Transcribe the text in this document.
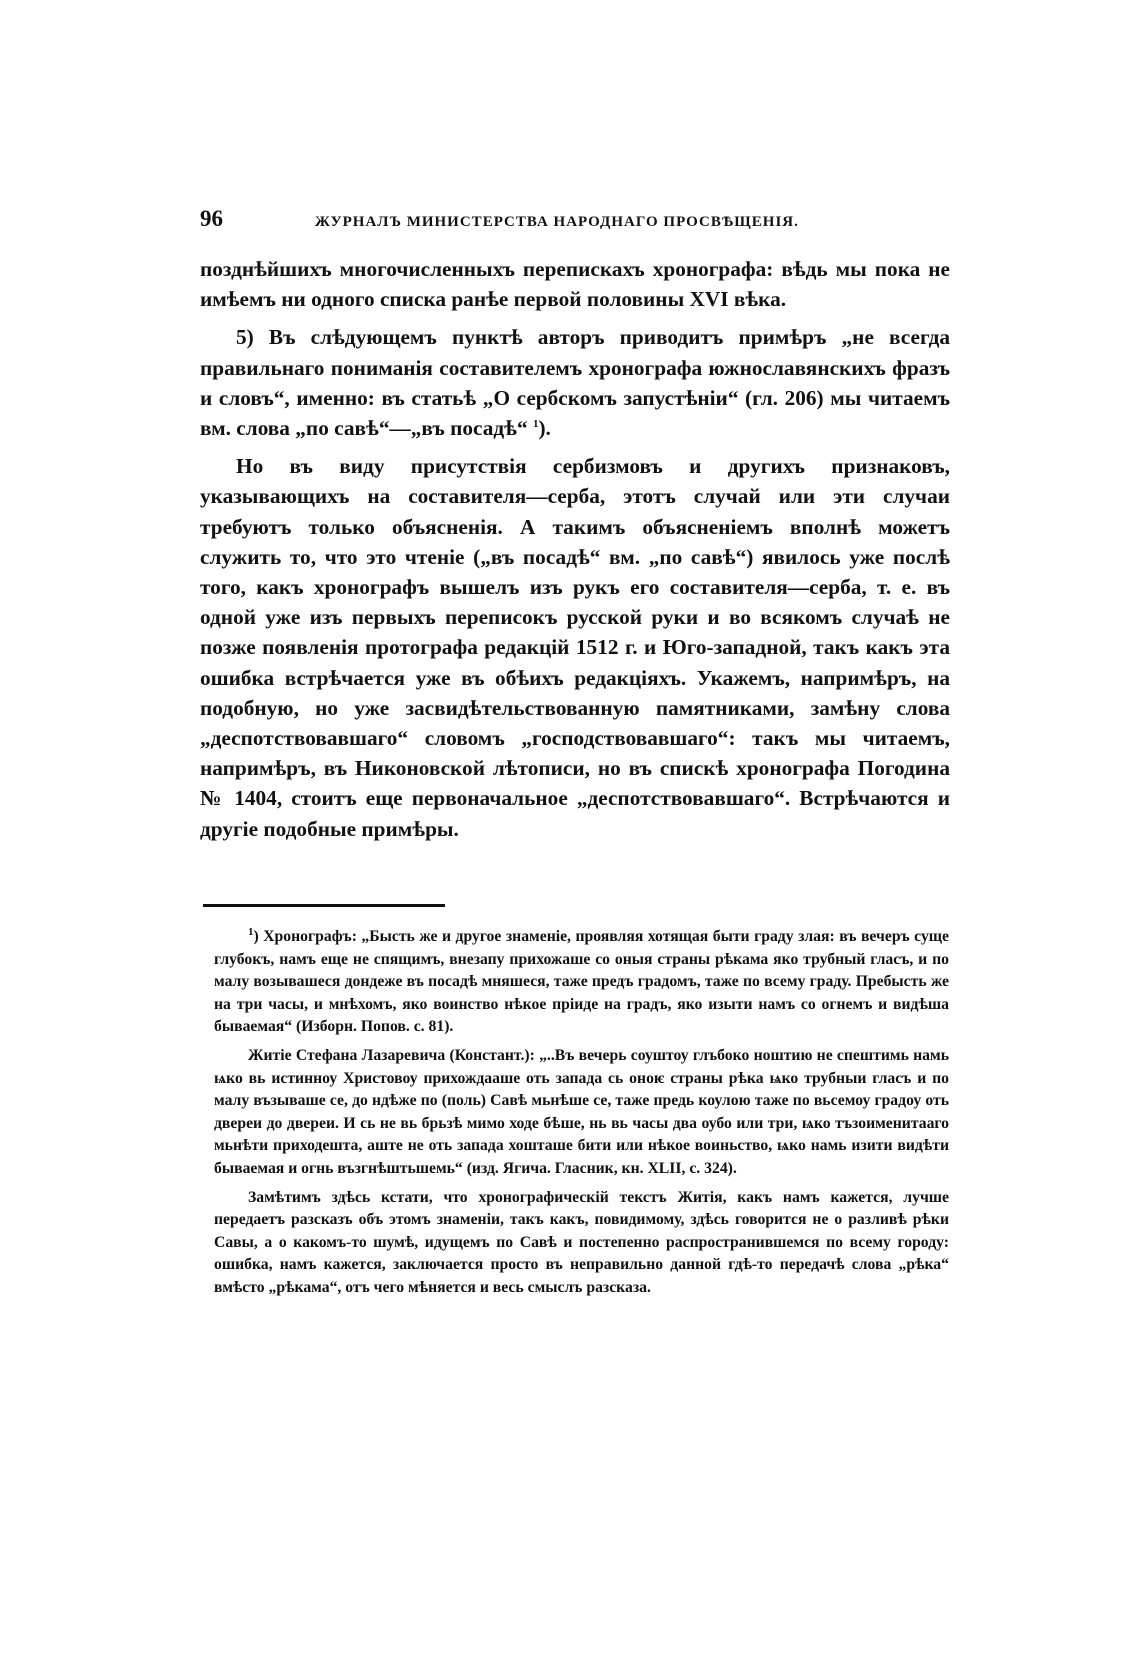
96	ЖУРНАЛЪ МИНИСТЕРСТВА НАРОДНАГО ПРОСВѢЩЕНІЯ.

позднѣйшихъ многочисленныхъ перепискахъ хронографа: вѣдь мы пока не имѣемъ ни одного списка ранѣе первой половины XVI вѣка.

5) Въ слѣдующемъ пунктѣ авторъ приводитъ примѣръ „не всегда правильнаго пониманія составителемъ хронографа южнославянскихъ фразъ и словъ“, именно: въ статьѣ „О сербскомъ запустѣніи“ (гл. 206) мы читаемъ вм. слова „по савѣ“—„въ посадѣ“ $^1$).

Но въ виду присутствія сербизмовъ и другихъ признаковъ, указывающихъ на составителя—серба, этотъ случай или эти случаи требуютъ только объясненія. А такимъ объясненіемъ вполнѣ можетъ служить то, что это чтеніе („въ посадѣ“ вм. „по савѣ“) явилось уже послѣ того, какъ хронографъ вышелъ изъ рукъ его составителя—серба, т. е. въ одной уже изъ первыхъ переписокъ русской руки и во всякомъ случаѣ не позже появленія протографа редакцій 1512 г. и Юго-западной, такъ какъ эта ошибка встрѣчается уже въ обѣихъ редакціяхъ. Укажемъ, напримѣръ, на подобную, но уже засвидѣтельствованную памятниками, замѣну слова „деспотствовавшаго“ словомъ „господствовавшаго“: такъ мы читаемъ, напримѣръ, въ Никоновской лѣтописи, но въ спискѣ хронографа Погодина № 1404, стоитъ еще первоначальное „деспотствовавшаго“. Встрѣчаются и другіе подобные примѣры.

$^1$) Хронографъ: „Бысть же и другое знаменіе, проявляя хотящая быти граду злая: въ вечеръ суще глубокъ, намъ еще не спящимъ, внезапу прихожаше со оныя страны рѣкама яко трубный гласъ, и по малу возывашеся дондеже въ посадѣ мняшеся, таже предъ градомъ, таже по всему граду. Пребысть же на три часы, и мнѣхомъ, яко воинство нѣкое пріиде на градъ, яко изыти намъ со огнемъ и видѣша бываемая“ (Изборн. Попов. с. 81).

Житіе Стефана Лазаревича (Констант.): „..Въ вечерь соуштоу глъбоко ноштию не спештимь намь ѩко вь истинноу Христовоу прихождааше оть запада сь оноѥ страны рѣка ѩко трубныи гласъ и по малу възываше се, до ндѣже по (поль) Савѣ мьнѣше се, таже предь коулою таже по вьсемоу градоу оть двереи до двереи. И сь не вь брьзѣ мимо ходе бѣше, нь вь часы два оубо или три, ѩко тъзоименитааго мьнѣти приходешта, аште не оть запада хошташе бити или нѣкое воиньство, ѩко намь изити видѣти бываемая и огнь възгнѣштьшемь“ (изд. Ягича. Гласник, кн. XLII, с. 324).

Замѣтимъ здѣсь кстати, что хронографическій текстъ Житія, какъ намъ кажется, лучше передаетъ разсказъ объ этомъ знаменіи, такъ какъ, повидимому, здѣсь говорится не о разливѣ рѣки Савы, а о какомъ-то шумѣ, идущемъ по Савѣ и постепенно распространившемся по всему городу: ошибка, намъ кажется, заключается просто въ неправильно данной гдѣ-то передачѣ слова „рѣка“ вмѣсто „рѣкама“, отъ чего мѣняется и весь смыслъ разсказа.
